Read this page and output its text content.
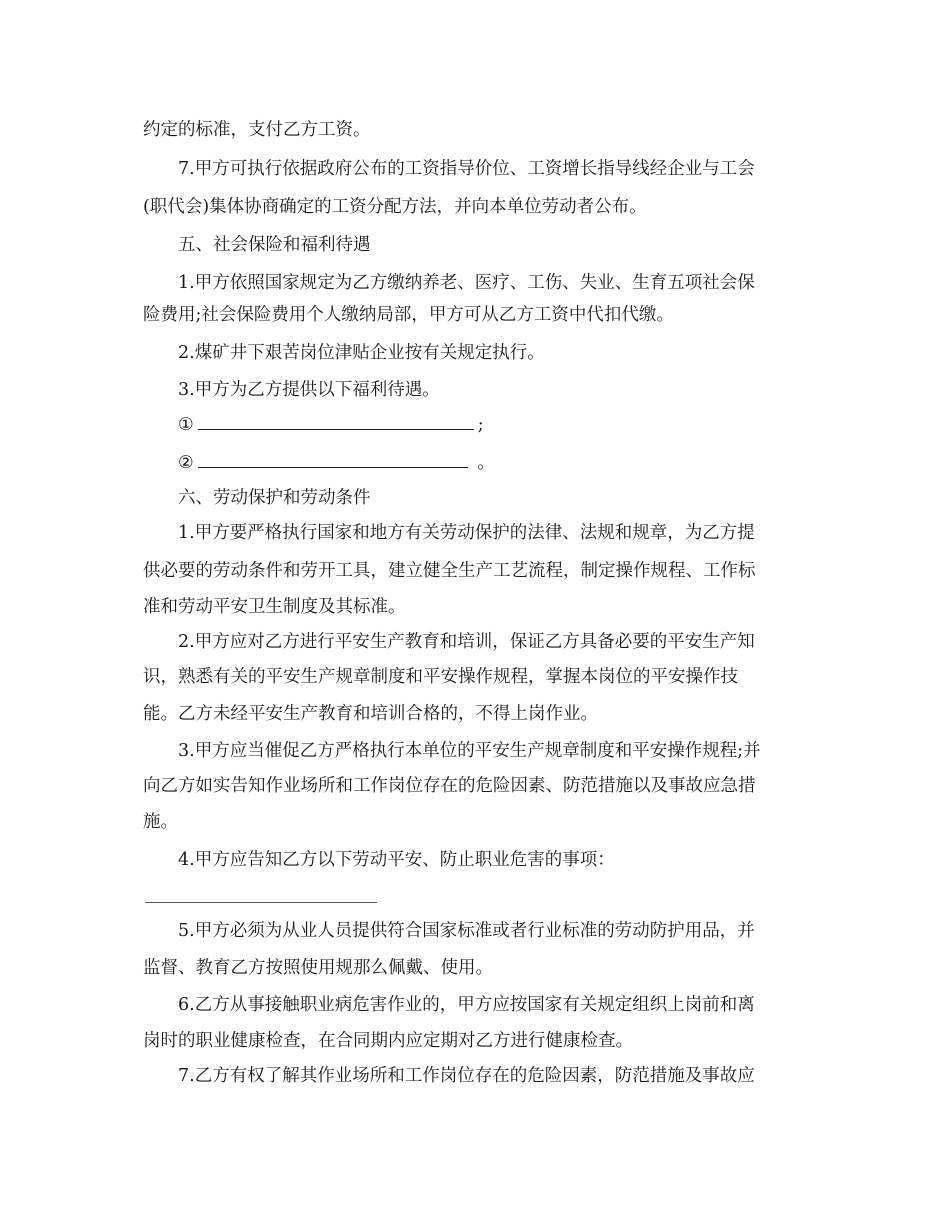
约定的标准，支付乙方工资。
7.甲方可执行依据政府公布的工资指导价位、工资增长指导线经企业与工会
(职代会)集体协商确定的工资分配方法，并向本单位劳动者公布。
五、社会保险和福利待遇
1.甲方依照国家规定为乙方缴纳养老、医疗、工伤、失业、生育五项社会保
险费用;社会保险费用个人缴纳局部，甲方可从乙方工资中代扣代缴。
2.煤矿井下艰苦岗位津贴企业按有关规定执行。
3.甲方为乙方提供以下福利待遇。
①	;
②	。
六、劳动保护和劳动条件
1.甲方要严格执行国家和地方有关劳动保护的法律、法规和规章，为乙方提
供必要的劳动条件和劳开工具，建立健全生产工艺流程，制定操作规程、工作标
准和劳动平安卫生制度及其标准。
2.甲方应对乙方进行平安生产教育和培训，保证乙方具备必要的平安生产知
识，熟悉有关的平安生产规章制度和平安操作规程，掌握本岗位的平安操作技
能。乙方未经平安生产教育和培训合格的，不得上岗作业。
3.甲方应当催促乙方严格执行本单位的平安生产规章制度和平安操作规程;并
向乙方如实告知作业场所和工作岗位存在的危险因素、防范措施以及事故应急措
施。
4.甲方应告知乙方以下劳动平安、防止职业危害的事项：
5.甲方必须为从业人员提供符合国家标准或者行业标准的劳动防护用品，并
监督、教育乙方按照使用规那么佩戴、使用。
6.乙方从事接触职业病危害作业的，甲方应按国家有关规定组织上岗前和离
岗时的职业健康检查，在合同期内应定期对乙方进行健康检查。
7.乙方有权了解其作业场所和工作岗位存在的危险因素，防范措施及事故应
